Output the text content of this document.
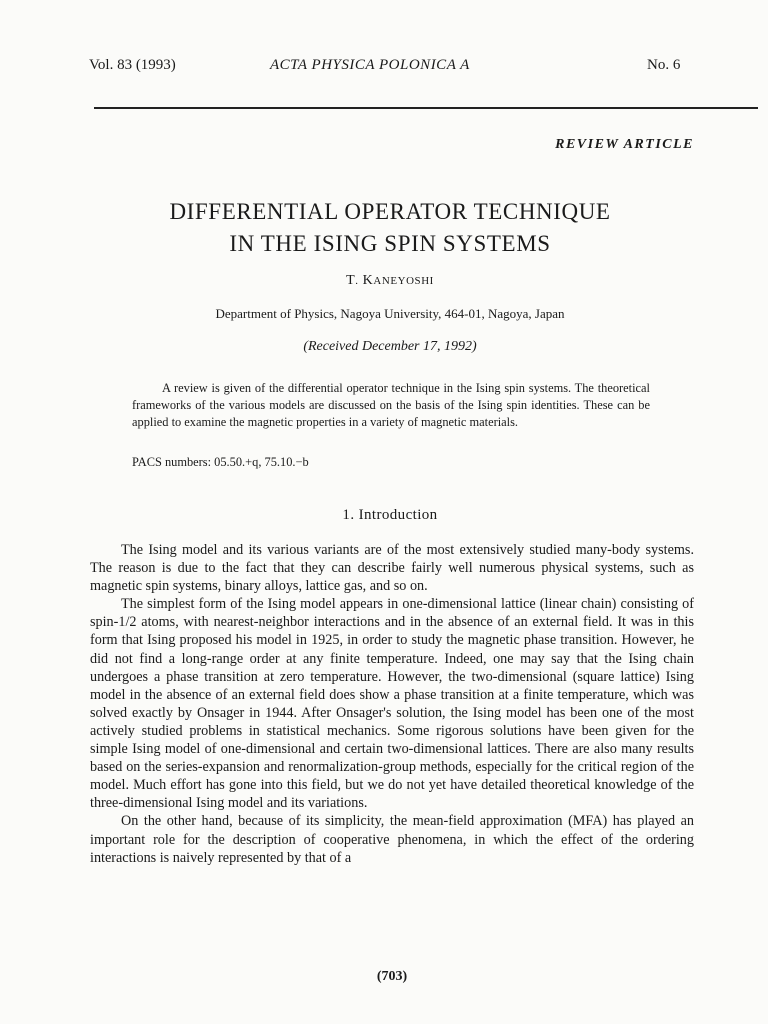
Vol. 83 (1993)	ACTA PHYSICA POLONICA A	No. 6
REVIEW ARTICLE
DIFFERENTIAL OPERATOR TECHNIQUE
IN THE ISING SPIN SYSTEMS
T. KANEYOSHI
Department of Physics, Nagoya University, 464-01, Nagoya, Japan
(Received December 17, 1992)
A review is given of the differential operator technique in the Ising spin systems. The theoretical frameworks of the various models are discussed on the basis of the Ising spin identities. These can be applied to examine the magnetic properties in a variety of magnetic materials.
PACS numbers: 05.50.+q, 75.10.−b
1. Introduction

The Ising model and its various variants are of the most extensively studied many-body systems. The reason is due to the fact that they can describe fairly well numerous physical systems, such as magnetic spin systems, binary alloys, lattice gas, and so on.

The simplest form of the Ising model appears in one-dimensional lattice (linear chain) consisting of spin-1/2 atoms, with nearest-neighbor interactions and in the absence of an external field. It was in this form that Ising proposed his model in 1925, in order to study the magnetic phase transition. However, he did not find a long-range order at any finite temperature. Indeed, one may say that the Ising chain undergoes a phase transition at zero temperature. However, the two-dimensional (square lattice) Ising model in the absence of an external field does show a phase transition at a finite temperature, which was solved exactly by Onsager in 1944. After Onsager's solution, the Ising model has been one of the most actively studied problems in statistical mechanics. Some rigorous solutions have been given for the simple Ising model of one-dimensional and certain two-dimensional lattices. There are also many results based on the series-expansion and renormalization-group methods, especially for the critical region of the model. Much effort has gone into this field, but we do not yet have detailed theoretical knowledge of the three-dimensional Ising model and its variations.

On the other hand, because of its simplicity, the mean-field approximation (MFA) has played an important role for the description of cooperative phenomena, in which the effect of the ordering interactions is naively represented by that of a

(703)
